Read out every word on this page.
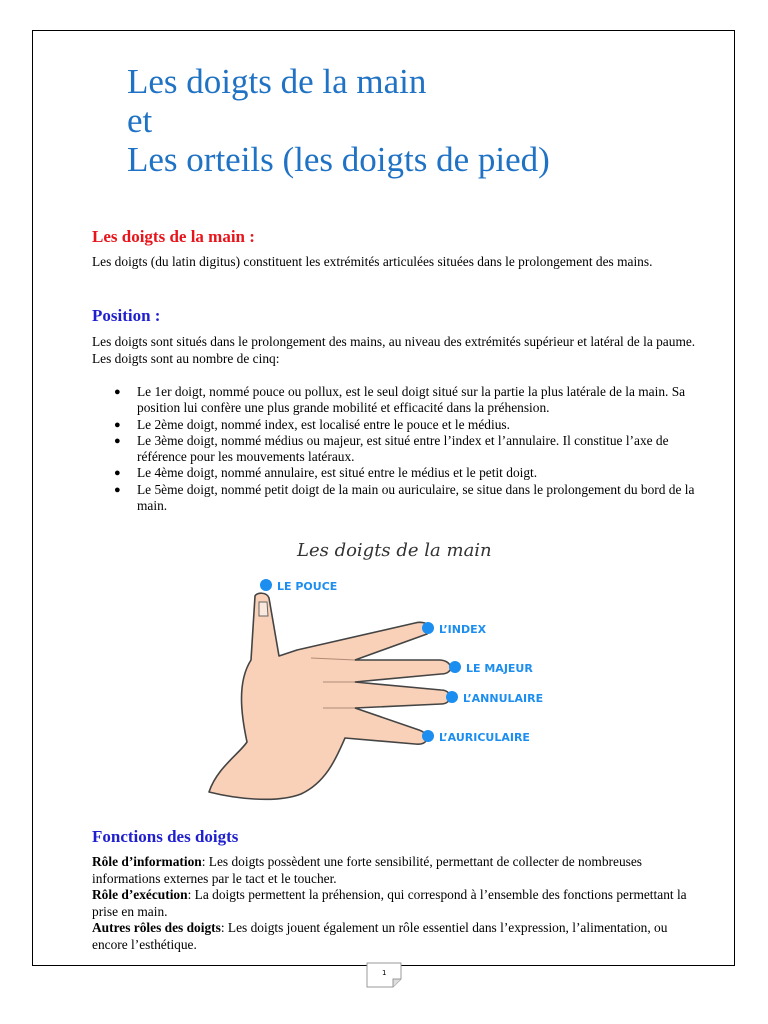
Les doigts de la main
et
Les orteils (les doigts de pied)
Les doigts de la main :

Les doigts (du latin digitus) constituent les extrémités articulées situées dans le prolongement des mains.

Position :

Les doigts sont situés dans le prolongement des mains, au niveau des extrémités supérieur et latéral de la paume. Les doigts sont au nombre de cinq:

● Le 1er doigt, nommé pouce ou pollux, est le seul doigt situé sur la partie la plus latérale de la main. Sa position lui confère une plus grande mobilité et efficacité dans la préhension.
● Le 2ème doigt, nommé index, est localisé entre le pouce et le médius.
● Le 3ème doigt, nommé médius ou majeur, est situé entre l’index et l’annulaire. Il constitue l’axe de référence pour les mouvements latéraux.
● Le 4ème doigt, nommé annulaire, est situé entre le médius et le petit doigt.
● Le 5ème doigt, nommé petit doigt de la main ou auriculaire, se situe dans le prolongement du bord de la main.
Les doigts de la main
LE POUCE
L’INDEX
LE MAJEUR
L’ANNULAIRE
L’AURICULAIRE
Fonctions des doigts

Rôle d’information: Les doigts possèdent une forte sensibilité, permettant de collecter de nombreuses informations externes par le tact et le toucher.

Rôle d’exécution: La doigts permettent la préhension, qui correspond à l’ensemble des fonctions permettant la prise en main.

Autres rôles des doigts: Les doigts jouent également un rôle essentiel dans l’expression, l’alimentation, ou encore l’esthétique.

1
